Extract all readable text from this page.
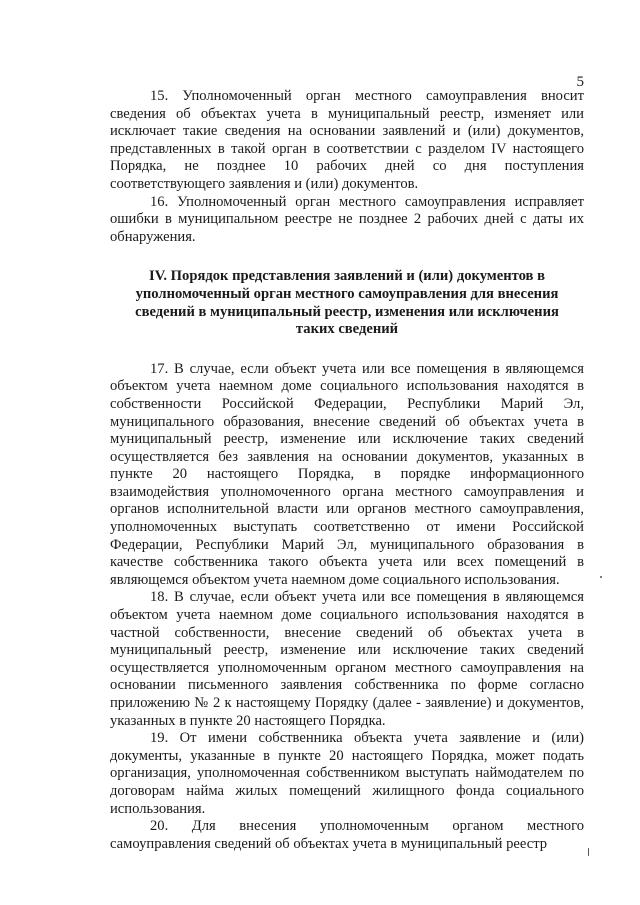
5

15. Уполномоченный орган местного самоуправления вносит сведения об объектах учета в муниципальный реестр, изменяет или исключает такие сведения на основании заявлений и (или) документов, представленных в такой орган в соответствии с разделом IV настоящего Порядка, не позднее 10 рабочих дней со дня поступления соответствующего заявления и (или) документов.

16. Уполномоченный орган местного самоуправления исправляет ошибки в муниципальном реестре не позднее 2 рабочих дней с даты их обнаружения.

IV. Порядок представления заявлений и (или) документов в уполномоченный орган местного самоуправления для внесения сведений в муниципальный реестр, изменения или исключения таких сведений

17. В случае, если объект учета или все помещения в являющемся объектом учета наемном доме социального использования находятся в собственности Российской Федерации, Республики Марий Эл, муниципального образования, внесение сведений об объектах учета в муниципальный реестр, изменение или исключение таких сведений осуществляется без заявления на основании документов, указанных в пункте 20 настоящего Порядка, в порядке информационного взаимодействия уполномоченного органа местного самоуправления и органов исполнительной власти или органов местного самоуправления, уполномоченных выступать соответственно от имени Российской Федерации, Республики Марий Эл, муниципального образования в качестве собственника такого объекта учета или всех помещений в являющемся объектом учета наемном доме социального использования.

18. В случае, если объект учета или все помещения в являющемся объектом учета наемном доме социального использования находятся в частной собственности, внесение сведений об объектах учета в муниципальный реестр, изменение или исключение таких сведений осуществляется уполномоченным органом местного самоуправления на основании письменного заявления собственника по форме согласно приложению № 2 к настоящему Порядку (далее - заявление) и документов, указанных в пункте 20 настоящего Порядка.

19. От имени собственника объекта учета заявление и (или) документы, указанные в пункте 20 настоящего Порядка, может подать организация, уполномоченная собственником выступать наймодателем по договорам найма жилых помещений жилищного фонда социального использования.

20. Для внесения уполномоченным органом местного самоуправления сведений об объектах учета в муниципальный реестр
